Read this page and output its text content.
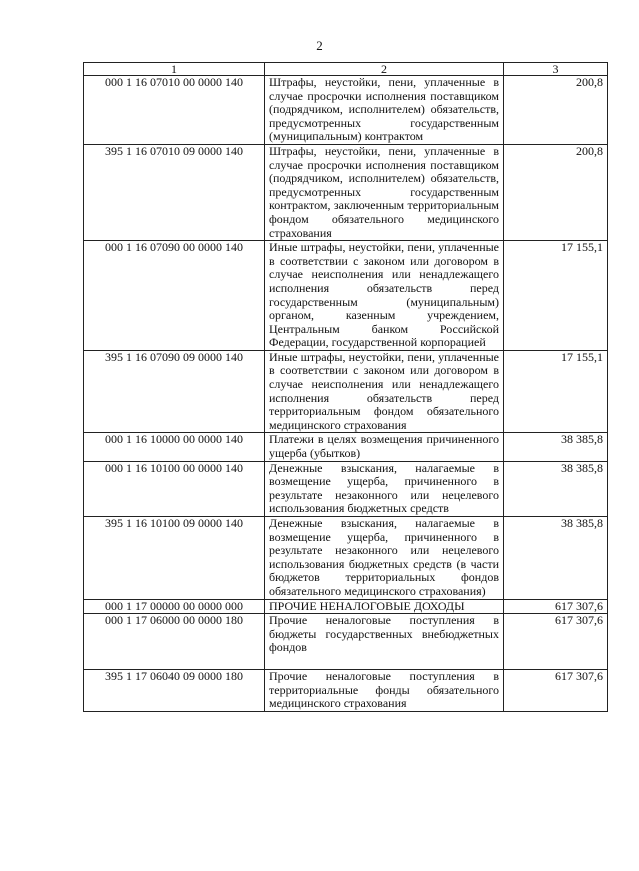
2
1	2	3
000 1 16 07010 00 0000 140	Штрафы, неустойки, пени, уплаченные в случае просрочки исполнения поставщиком (подрядчиком, исполнителем) обязательств, предусмотренных государственным (муниципальным) контрактом	200,8
395 1 16 07010 09 0000 140	Штрафы, неустойки, пени, уплаченные в случае просрочки исполнения поставщиком (подрядчиком, исполнителем) обязательств, предусмотренных государственным контрактом, заключенным территориальным фондом обязательного медицинского страхования	200,8
000 1 16 07090 00 0000 140	Иные штрафы, неустойки, пени, уплаченные в соответствии с законом или договором в случае неисполнения или ненадлежащего исполнения обязательств перед государственным (муниципальным) органом, казенным учреждением, Центральным банком Российской Федерации, государственной корпорацией	17 155,1
395 1 16 07090 09 0000 140	Иные штрафы, неустойки, пени, уплаченные в соответствии с законом или договором в случае неисполнения или ненадлежащего исполнения обязательств перед территориальным фондом обязательного медицинского страхования	17 155,1
000 1 16 10000 00 0000 140	Платежи в целях возмещения причиненного ущерба (убытков)	38 385,8
000 1 16 10100 00 0000 140	Денежные взыскания, налагаемые в возмещение ущерба, причиненного в результате незаконного или нецелевого использования бюджетных средств	38 385,8
395 1 16 10100 09 0000 140	Денежные взыскания, налагаемые в возмещение ущерба, причиненного в результате незаконного или нецелевого использования бюджетных средств (в части бюджетов территориальных фондов обязательного медицинского страхования)	38 385,8
000 1 17 00000 00 0000 000	ПРОЧИЕ НЕНАЛОГОВЫЕ ДОХОДЫ	617 307,6
000 1 17 06000 00 0000 180	Прочие неналоговые поступления в бюджеты государственных внебюджетных фондов	617 307,6
395 1 17 06040 09 0000 180	Прочие неналоговые поступления в территориальные фонды обязательного медицинского страхования	617 307,6
